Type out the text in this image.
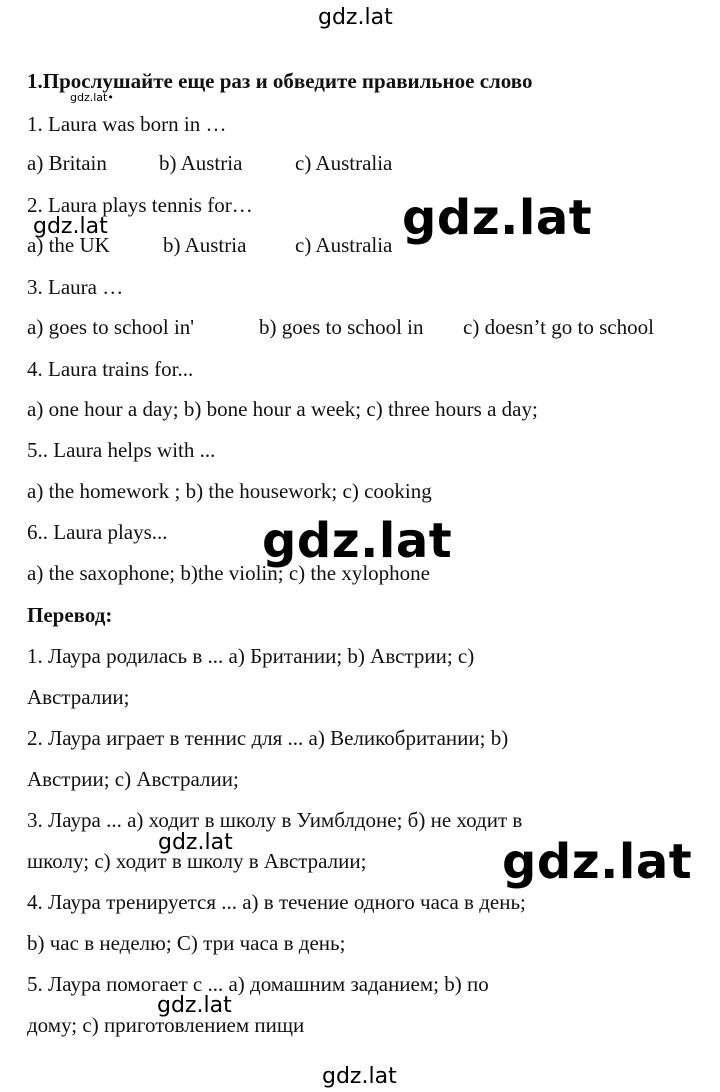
gdz.lat
gdz.lat•
gdz.lat	gdz.lat
gdz.lat
gdz.lat	gdz.lat
gdz.lat
gdz.lat
1.Прослушайте еще раз и обведите правильное слово
1. Laura was born in …
a) Britain b) Austria	c) Australia
2. Laura plays tennis for…
a) the UK	b) Austria c) Australia
3. Laura …
a) goes to school in'	b) goes to school in c) doesn’t go to school
4. Laura trains for...
a) one hour a day; b) bone hour a week; c) three hours a day;
5.. Laura helps with ...
a) the homework ; b) the housework; c) cooking
6.. Laura plays...
a) the saxophone; b)the violin; c) the xylophone
Перевод:
1. Лаура родилась в ... а) Британии; b) Австрии; с)
Австралии;
2. Лаура играет в теннис для ... а) Великобритании; b)
Австрии; с) Австралии;
3. Лаура ... а) ходит в школу в Уимблдоне; б) не ходит в
школу; с) ходит в школу в Австралии;
4. Лаура тренируется ... а) в течение одного часа в день;
b) час в неделю; С) три часа в день;
5. Лаура помогает с ... а) домашним заданием; b) по
дому; с) приготовлением пищи
